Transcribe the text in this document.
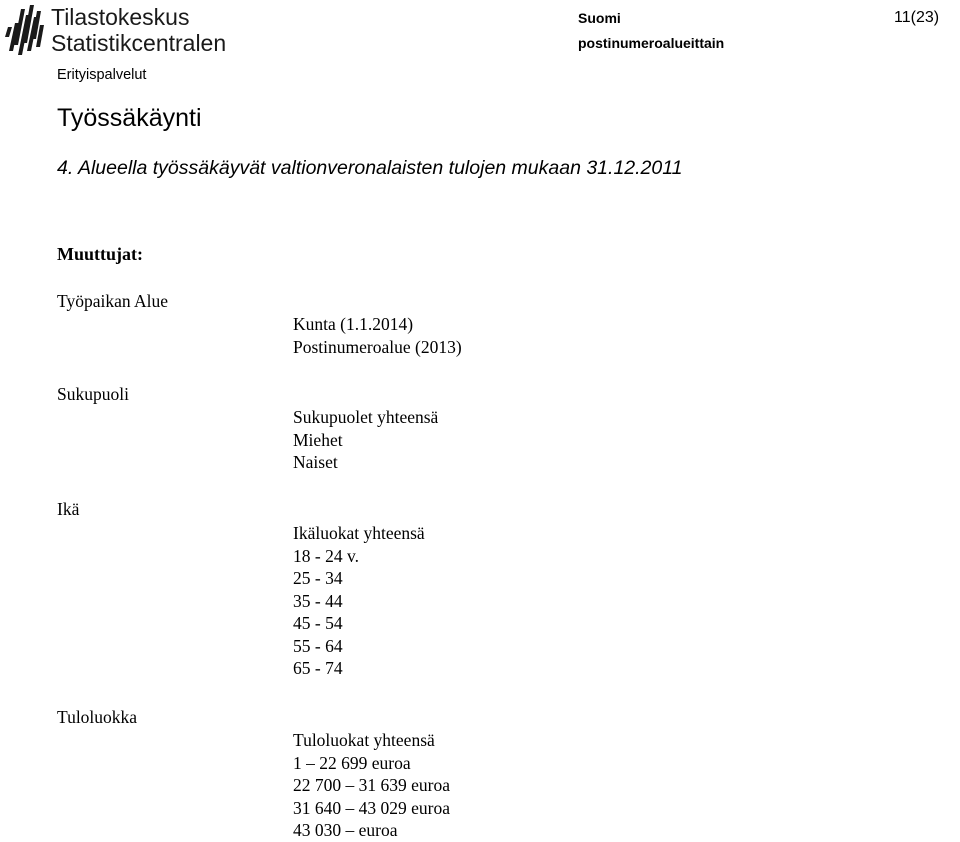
Tilastokeskus
Statistikcentralen
Suomi
postinumeroalueittain
11(23)
Erityispalvelut
Työssäkäynti
4. Alueella työssäkäyvät valtionveronalaisten tulojen mukaan 31.12.2011
Muuttujat:
Työpaikan Alue
Kunta (1.1.2014)
Postinumeroalue (2013)
Sukupuoli
Sukupuolet yhteensä
Miehet
Naiset
Ikä
Ikäluokat yhteensä
18 - 24 v.
25 - 34
35 - 44
45 - 54
55 - 64
65 - 74
Tuloluokka
Tuloluokat yhteensä
1 – 22 699 euroa
22 700 – 31 639 euroa
31 640 – 43 029 euroa
43 030 – euroa
